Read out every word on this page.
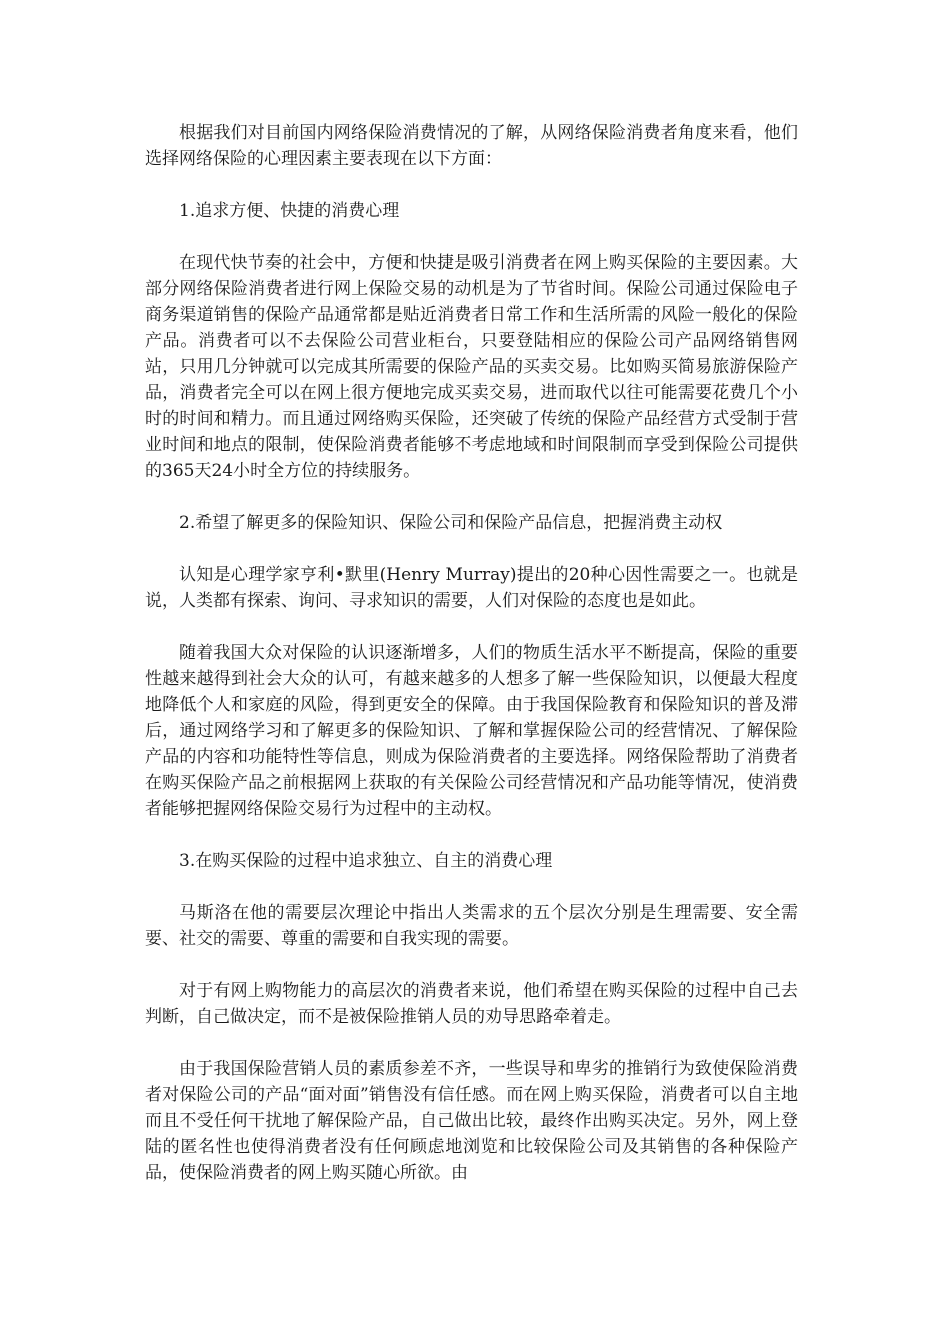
根据我们对目前国内网络保险消费情况的了解，从网络保险消费者角度来看，他们选择网络保险的心理因素主要表现在以下方面：

1.追求方便、快捷的消费心理

在现代快节奏的社会中，方便和快捷是吸引消费者在网上购买保险的主要因素。大部分网络保险消费者进行网上保险交易的动机是为了节省时间。保险公司通过保险电子商务渠道销售的保险产品通常都是贴近消费者日常工作和生活所需的风险一般化的保险产品。消费者可以不去保险公司营业柜台，只要登陆相应的保险公司产品网络销售网站，只用几分钟就可以完成其所需要的保险产品的买卖交易。比如购买简易旅游保险产品，消费者完全可以在网上很方便地完成买卖交易，进而取代以往可能需要花费几个小时的时间和精力。而且通过网络购买保险，还突破了传统的保险产品经营方式受制于营业时间和地点的限制，使保险消费者能够不考虑地域和时间限制而享受到保险公司提供的365天24小时全方位的持续服务。

2.希望了解更多的保险知识、保险公司和保险产品信息，把握消费主动权

认知是心理学家亨利•默里(Henry Murray)提出的20种心因性需要之一。也就是说，人类都有探索、询问、寻求知识的需要，人们对保险的态度也是如此。

随着我国大众对保险的认识逐渐增多，人们的物质生活水平不断提高，保险的重要性越来越得到社会大众的认可，有越来越多的人想多了解一些保险知识，以便最大程度地降低个人和家庭的风险，得到更安全的保障。由于我国保险教育和保险知识的普及滞后，通过网络学习和了解更多的保险知识、了解和掌握保险公司的经营情况、了解保险产品的内容和功能特性等信息，则成为保险消费者的主要选择。网络保险帮助了消费者在购买保险产品之前根据网上获取的有关保险公司经营情况和产品功能等情况，使消费者能够把握网络保险交易行为过程中的主动权。

3.在购买保险的过程中追求独立、自主的消费心理

马斯洛在他的需要层次理论中指出人类需求的五个层次分别是生理需要、安全需要、社交的需要、尊重的需要和自我实现的需要。

对于有网上购物能力的高层次的消费者来说，他们希望在购买保险的过程中自己去判断，自己做决定，而不是被保险推销人员的劝导思路牵着走。

由于我国保险营销人员的素质参差不齐，一些误导和卑劣的推销行为致使保险消费者对保险公司的产品“面对面”销售没有信任感。而在网上购买保险，消费者可以自主地而且不受任何干扰地了解保险产品，自己做出比较，最终作出购买决定。另外，网上登陆的匿名性也使得消费者没有任何顾虑地浏览和比较保险公司及其销售的各种保险产品，使保险消费者的网上购买随心所欲。由
